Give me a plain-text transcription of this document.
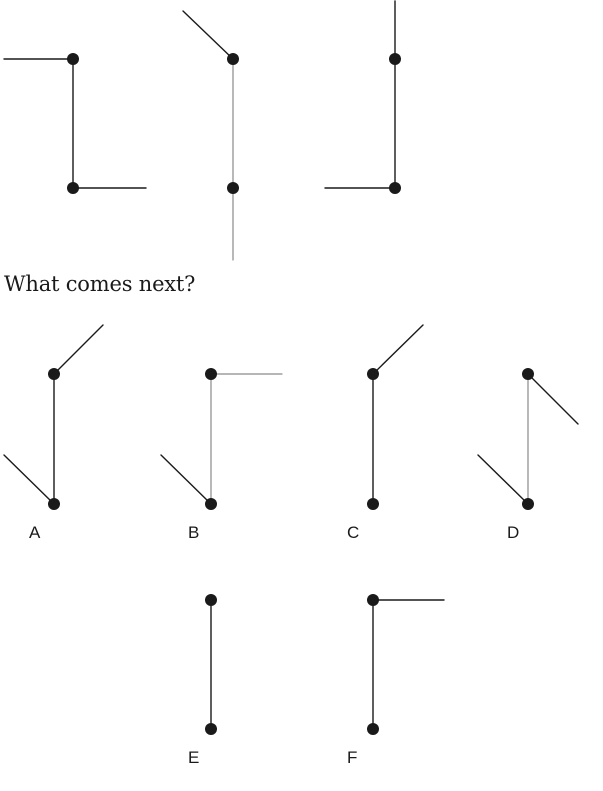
What comes next?
A	B	C	D
E	F
